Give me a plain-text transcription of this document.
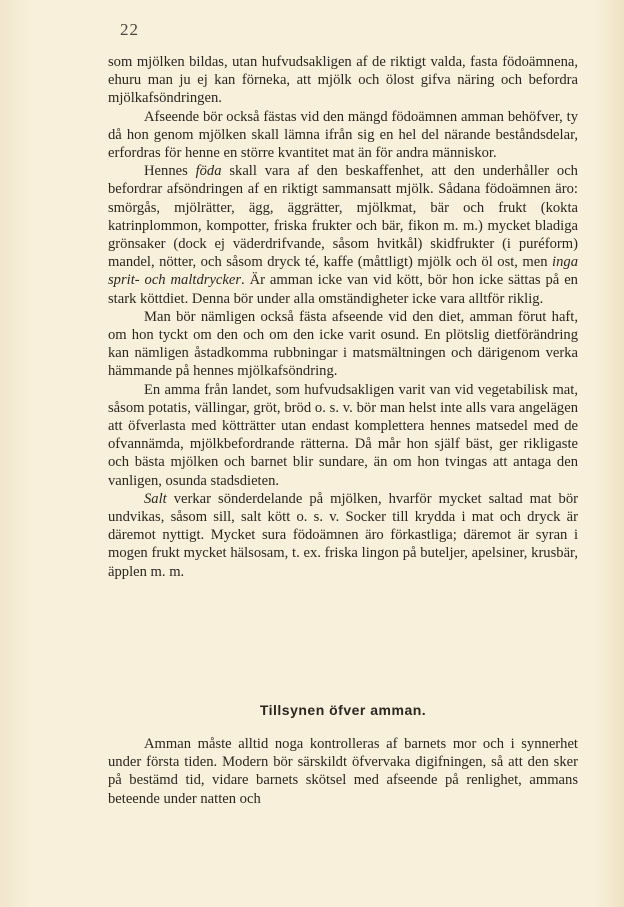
22

som mjölken bildas, utan hufvudsakligen af de riktigt valda, fasta födoämnena, ehuru man ju ej kan förneka, att mjölk och ölost gifva näring och befordra mjölkafsöndringen.

Afseende bör också fästas vid den mängd födoämnen amman behöfver, ty då hon genom mjölken skall lämna ifrån sig en hel del närande beståndsdelar, erfordras för henne en större kvantitet mat än för andra människor.

Hennes föda skall vara af den beskaffenhet, att den underhåller och befordrar afsöndringen af en riktigt sammansatt mjölk. Sådana födoämnen äro: smörgås, mjölrätter, ägg, äggrätter, mjölkmat, bär och frukt (kokta katrinplommon, kompotter, friska frukter och bär, fikon m. m.) mycket bladiga grönsaker (dock ej väderdrifvande, såsom hvitkål) skidfrukter (i puréform) mandel, nötter, och såsom dryck té, kaffe (måttligt) mjölk och öl ost, men inga sprit- och maltdrycker. Är amman icke van vid kött, bör hon icke sättas på en stark köttdiet. Denna bör under alla omständigheter icke vara alltför riklig.

Man bör nämligen också fästa afseende vid den diet, amman förut haft, om hon tyckt om den och om den icke varit osund. En plötslig dietförändring kan nämligen åstadkomma rubbningar i matsmältningen och därigenom verka hämmande på hennes mjölkafsöndring.

En amma från landet, som hufvudsakligen varit van vid vegetabilisk mat, såsom potatis, vällingar, gröt, bröd o. s. v. bör man helst inte alls vara angelägen att öfverlasta med kötträtter utan endast komplettera hennes matsedel med de ofvannämda, mjölkbefordrande rätterna. Då mår hon själf bäst, ger rikligaste och bästa mjölken och barnet blir sundare, än om hon tvingas att antaga den vanligen, osunda stadsdieten.

Salt verkar sönderdelande på mjölken, hvarför mycket saltad mat bör undvikas, såsom sill, salt kött o. s. v. Socker till krydda i mat och dryck är däremot nyttigt. Mycket sura födoämnen äro förkastliga; däremot är syran i mogen frukt mycket hälsosam, t. ex. friska lingon på buteljer, apelsiner, krusbär, äpplen m. m.

Tillsynen öfver amman.

Amman måste alltid noga kontrolleras af barnets mor och i synnerhet under första tiden. Modern bör särskildt öfvervaka digifningen, så att den sker på bestämd tid, vidare barnets skötsel med afseende på renlighet, ammans beteende under natten och
